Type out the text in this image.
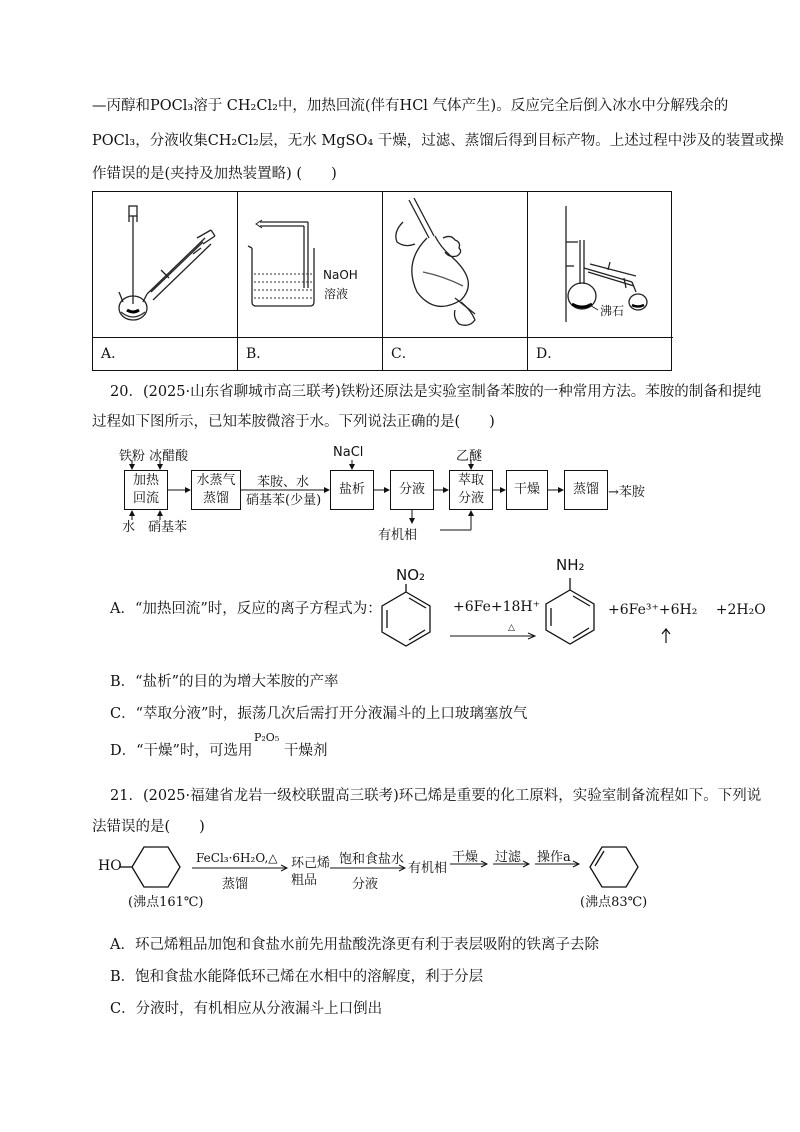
—丙醇和POCl₃溶于 CH₂Cl₂中，加热回流(伴有HCl 气体产生)。反应完全后倒入冰水中分解残余的
POCl₃，分液收集CH₂Cl₂层，无水 MgSO₄ 干燥，过滤、蒸馏后得到目标产物。上述过程中涉及的装置或操
作错误的是(夹持及加热装置略) (　　)
NaOH
溶液
沸石
A．	B．	C．	D．
20．(2025·山东省聊城市高三联考)铁粉还原法是实验室制备苯胺的一种常用方法。苯胺的制备和提纯
过程如下图所示，已知苯胺微溶于水。下列说法正确的是(　　)
铁粉 冰醋酸
加热
回流
水　硝基苯
水蒸气
蒸馏
苯胺、水
硝基苯(少量)
NaCl
盐析	分液
有机相
乙醚
萃取
分液
干燥	蒸馏 →苯胺
A．“加热回流”时，反应的离子方程式为：
NO₂
+6Fe+18H⁺
△
NH₂
+6Fe³⁺+6H₂ 　+2H₂O
B．“盐析”的目的为增大苯胺的产率
C．“萃取分液”时，振荡几次后需打开分液漏斗的上口玻璃塞放气
D．“干燥”时，可选用
P₂O₅
干燥剂
21．(2025·福建省龙岩一级校联盟高三联考)环己烯是重要的化工原料，实验室制备流程如下。下列说
法错误的是(　　)
HO
(沸点161℃)
FeCl₃·6H₂O,△
蒸馏
环己烯
粗品
饱和食盐水
分液
有机相
干燥 过滤 操作a
(沸点83℃)
A．环己烯粗品加饱和食盐水前先用盐酸洗涤更有利于表层吸附的铁离子去除
B．饱和食盐水能降低环己烯在水相中的溶解度，利于分层
C．分液时，有机相应从分液漏斗上口倒出
